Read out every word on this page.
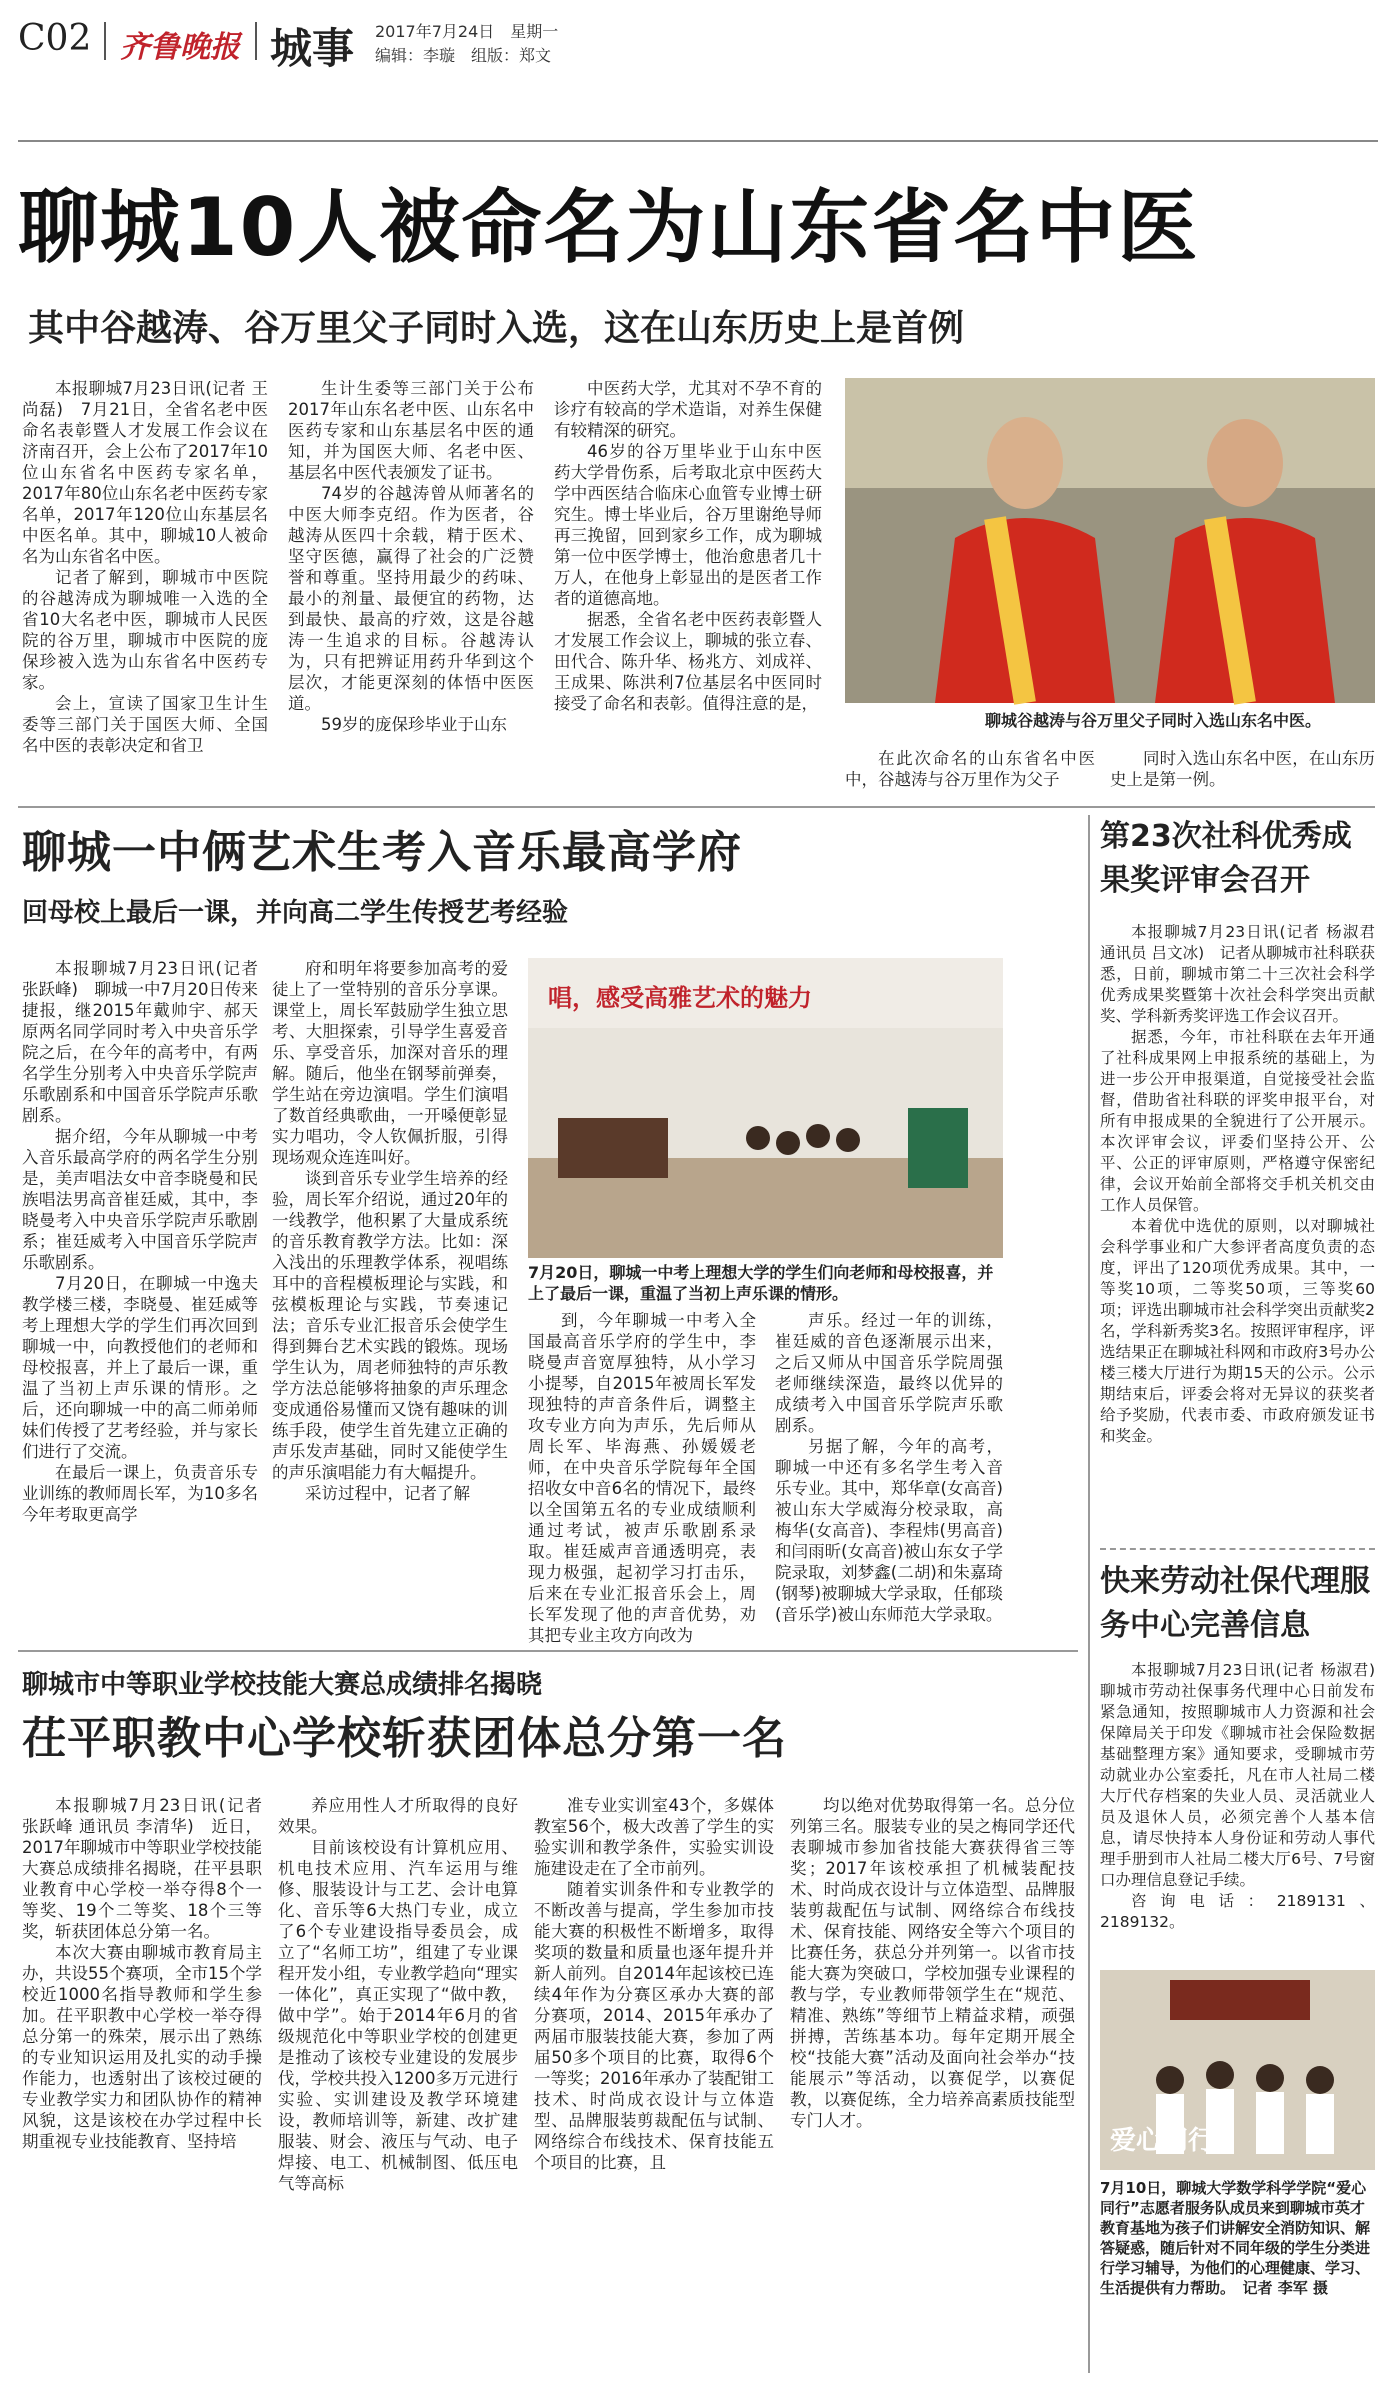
C02 齐鲁晚报 城事 2017年7月24日　星期一
编辑：李璇　组版：郑文
聊城10人被命名为山东省名中医
其中谷越涛、谷万里父子同时入选，这在山东历史上是首例

本报聊城7月23日讯(记者 王尚磊)　7月21日，全省名老中医命名表彰暨人才发展工作会议在济南召开，会上公布了2017年10位山东省名中医药专家名单，2017年80位山东名老中医药专家名单，2017年120位山东基层名中医名单。其中，聊城10人被命名为山东省名中医。

记者了解到，聊城市中医院的谷越涛成为聊城唯一入选的全省10大名老中医，聊城市人民医院的谷万里，聊城市中医院的庞保珍被入选为山东省名中医药专家。

会上，宣读了国家卫生计生委等三部门关于国医大师、全国名中医的表彰决定和省卫

生计生委等三部门关于公布2017年山东名老中医、山东名中医药专家和山东基层名中医的通知，并为国医大师、名老中医、基层名中医代表颁发了证书。

74岁的谷越涛曾从师著名的中医大师李克绍。作为医者，谷越涛从医四十余载，精于医术、坚守医德，赢得了社会的广泛赞誉和尊重。坚持用最少的药味、最小的剂量、最便宜的药物，达到最快、最高的疗效，这是谷越涛一生追求的目标。谷越涛认为，只有把辨证用药升华到这个层次，才能更深刻的体悟中医医道。

59岁的庞保珍毕业于山东

中医药大学，尤其对不孕不育的诊疗有较高的学术造诣，对养生保健有较精深的研究。

46岁的谷万里毕业于山东中医药大学骨伤系，后考取北京中医药大学中西医结合临床心血管专业博士研究生。博士毕业后，谷万里谢绝导师再三挽留，回到家乡工作，成为聊城第一位中医学博士，他治愈患者几十万人，在他身上彰显出的是医者工作者的道德高地。

据悉，全省名老中医药表彰暨人才发展工作会议上，聊城的张立春、田代合、陈升华、杨兆方、刘成祥、王成果、陈洪利7位基层名中医同时接受了命名和表彰。值得注意的是，

聊城谷越涛与谷万里父子同时入选山东名中医。

在此次命名的山东省名中医中，谷越涛与谷万里作为父子

同时入选山东名中医，在山东历史上是第一例。

聊城一中俩艺术生考入音乐最高学府
回母校上最后一课，并向高二学生传授艺考经验

本报聊城7月23日讯(记者 张跃峰)　聊城一中7月20日传来捷报，继2015年戴帅宇、郝天原两名同学同时考入中央音乐学院之后，在今年的高考中，有两名学生分别考入中央音乐学院声乐歌剧系和中国音乐学院声乐歌剧系。

据介绍，今年从聊城一中考入音乐最高学府的两名学生分别是，美声唱法女中音李晓曼和民族唱法男高音崔廷威，其中，李晓曼考入中央音乐学院声乐歌剧系；崔廷威考入中国音乐学院声乐歌剧系。

7月20日，在聊城一中逸夫教学楼三楼，李晓曼、崔廷威等考上理想大学的学生们再次回到聊城一中，向教授他们的老师和母校报喜，并上了最后一课，重温了当初上声乐课的情形。之后，还向聊城一中的高二师弟师妹们传授了艺考经验，并与家长们进行了交流。

在最后一课上，负责音乐专业训练的教师周长军，为10多名今年考取更高学

府和明年将要参加高考的爱徒上了一堂特别的音乐分享课。课堂上，周长军鼓励学生独立思考、大胆探索，引导学生喜爱音乐、享受音乐，加深对音乐的理解。随后，他坐在钢琴前弹奏，学生站在旁边演唱。学生们演唱了数首经典歌曲，一开嗓便彰显实力唱功，令人钦佩折服，引得现场观众连连叫好。

谈到音乐专业学生培养的经验，周长军介绍说，通过20年的一线教学，他积累了大量成系统的音乐教育教学方法。比如：深入浅出的乐理教学体系，视唱练耳中的音程模板理论与实践，和弦模板理论与实践，节奏速记法；音乐专业汇报音乐会使学生得到舞台艺术实践的锻炼。现场学生认为，周老师独特的声乐教学方法总能够将抽象的声乐理念变成通俗易懂而又饶有趣味的训练手段，使学生首先建立正确的声乐发声基础，同时又能使学生的声乐演唱能力有大幅提升。

采访过程中，记者了解

唱，感受高雅艺术的魅力
7月20日，聊城一中考上理想大学的学生们向老师和母校报喜，并上了最后一课，重温了当初上声乐课的情形。

到，今年聊城一中考入全国最高音乐学府的学生中，李晓曼声音宽厚独特，从小学习小提琴，自2015年被周长军发现独特的声音条件后，调整主攻专业方向为声乐，先后师从周长军、毕海燕、孙媛媛老师，在中央音乐学院每年全国招收女中音6名的情况下，最终以全国第五名的专业成绩顺利通过考试，被声乐歌剧系录取。崔廷威声音通透明亮，表现力极强，起初学习打击乐，后来在专业汇报音乐会上，周长军发现了他的声音优势，劝其把专业主攻方向改为

声乐。经过一年的训练，崔廷威的音色逐渐展示出来，之后又师从中国音乐学院周强老师继续深造，最终以优异的成绩考入中国音乐学院声乐歌剧系。

另据了解，今年的高考，聊城一中还有多名学生考入音乐专业。其中，郑华章(女高音)被山东大学威海分校录取，高梅华(女高音)、李程炜(男高音)和闫雨昕(女高音)被山东女子学院录取，刘梦鑫(二胡)和朱嘉琦(钢琴)被聊城大学录取，任郁琰(音乐学)被山东师范大学录取。

第23次社科优秀成果奖评审会召开

本报聊城7月23日讯(记者 杨淑君 通讯员 吕文冰)　记者从聊城市社科联获悉，日前，聊城市第二十三次社会科学优秀成果奖暨第十次社会科学突出贡献奖、学科新秀奖评选工作会议召开。

据悉，今年，市社科联在去年开通了社科成果网上申报系统的基础上，为进一步公开申报渠道，自觉接受社会监督，借助省社科联的评奖申报平台，对所有申报成果的全貌进行了公开展示。本次评审会议，评委们坚持公开、公平、公正的评审原则，严格遵守保密纪律，会议开始前全部将交手机关机交由工作人员保管。

本着优中选优的原则，以对聊城社会科学事业和广大参评者高度负责的态度，评出了120项优秀成果。其中，一等奖10项，二等奖50项，三等奖60项；评选出聊城市社会科学突出贡献奖2名，学科新秀奖3名。按照评审程序，评选结果正在聊城社科网和市政府3号办公楼三楼大厅进行为期15天的公示。公示期结束后，评委会将对无异议的获奖者给予奖励，代表市委、市政府颁发证书和奖金。

快来劳动社保代理服务中心完善信息

本报聊城7月23日讯(记者 杨淑君)　聊城市劳动社保事务代理中心日前发布紧急通知，按照聊城市人力资源和社会保障局关于印发《聊城市社会保险数据基础整理方案》通知要求，受聊城市劳动就业办公室委托，凡在市人社局二楼大厅代存档案的失业人员、灵活就业人员及退休人员，必须完善个人基本信息，请尽快持本人身份证和劳动人事代理手册到市人社局二楼大厅6号、7号窗口办理信息登记手续。

咨询电话：2189131、2189132。

爱心同行
7月10日，聊城大学数学科学学院“爱心同行”志愿者服务队成员来到聊城市英才教育基地为孩子们讲解安全消防知识、解答疑惑，随后针对不同年级的学生分类进行学习辅导，为他们的心理健康、学习、生活提供有力帮助。　记者 李军 摄
聊城市中等职业学校技能大赛总成绩排名揭晓
茌平职教中心学校斩获团体总分第一名

本报聊城7月23日讯(记者 张跃峰 通讯员 李清华)　近日，2017年聊城市中等职业学校技能大赛总成绩排名揭晓，茌平县职业教育中心学校一举夺得8个一等奖、19个二等奖、18个三等奖，斩获团体总分第一名。

本次大赛由聊城市教育局主办，共设55个赛项，全市15个学校近1000名指导教师和学生参加。茌平职教中心学校一举夺得总分第一的殊荣，展示出了熟练的专业知识运用及扎实的动手操作能力，也透射出了该校过硬的专业教学实力和团队协作的精神风貌，这是该校在办学过程中长期重视专业技能教育、坚持培

养应用性人才所取得的良好效果。

目前该校设有计算机应用、机电技术应用、汽车运用与维修、服装设计与工艺、会计电算化、音乐等6大热门专业，成立了6个专业建设指导委员会，成立了“名师工坊”，组建了专业课程开发小组，专业教学趋向“理实一体化”，真正实现了“做中教，做中学”。始于2014年6月的省级规范化中等职业学校的创建更是推动了该校专业建设的发展步伐，学校共投入1200多万元进行实验、实训建设及教学环境建设，教师培训等，新建、改扩建服装、财会、液压与气动、电子焊接、电工、机械制图、低压电气等高标

准专业实训室43个，多媒体教室56个，极大改善了学生的实验实训和教学条件，实验实训设施建设走在了全市前列。

随着实训条件和专业教学的不断改善与提高，学生参加市技能大赛的积极性不断增多，取得奖项的数量和质量也逐年提升并新人前列。自2014年起该校已连续4年作为分赛区承办大赛的部分赛项，2014、2015年承办了两届市服装技能大赛，参加了两届50多个项目的比赛，取得6个一等奖；2016年承办了装配钳工技术、时尚成衣设计与立体造型、品牌服装剪裁配伍与试制、网络综合布线技术、保育技能五个项目的比赛，且

均以绝对优势取得第一名。总分位列第三名。服装专业的吴之梅同学还代表聊城市参加省技能大赛获得省三等奖；2017年该校承担了机械装配技术、时尚成衣设计与立体造型、品牌服装剪裁配伍与试制、网络综合布线技术、保育技能、网络安全等六个项目的比赛任务，获总分并列第一。以省市技能大赛为突破口，学校加强专业课程的教与学，专业教师带领学生在“规范、精准、熟练”等细节上精益求精，顽强拼搏，苦练基本功。每年定期开展全校“技能大赛”活动及面向社会举办“技能展示”等活动，以赛促学，以赛促教，以赛促练，全力培养高素质技能型专门人才。
